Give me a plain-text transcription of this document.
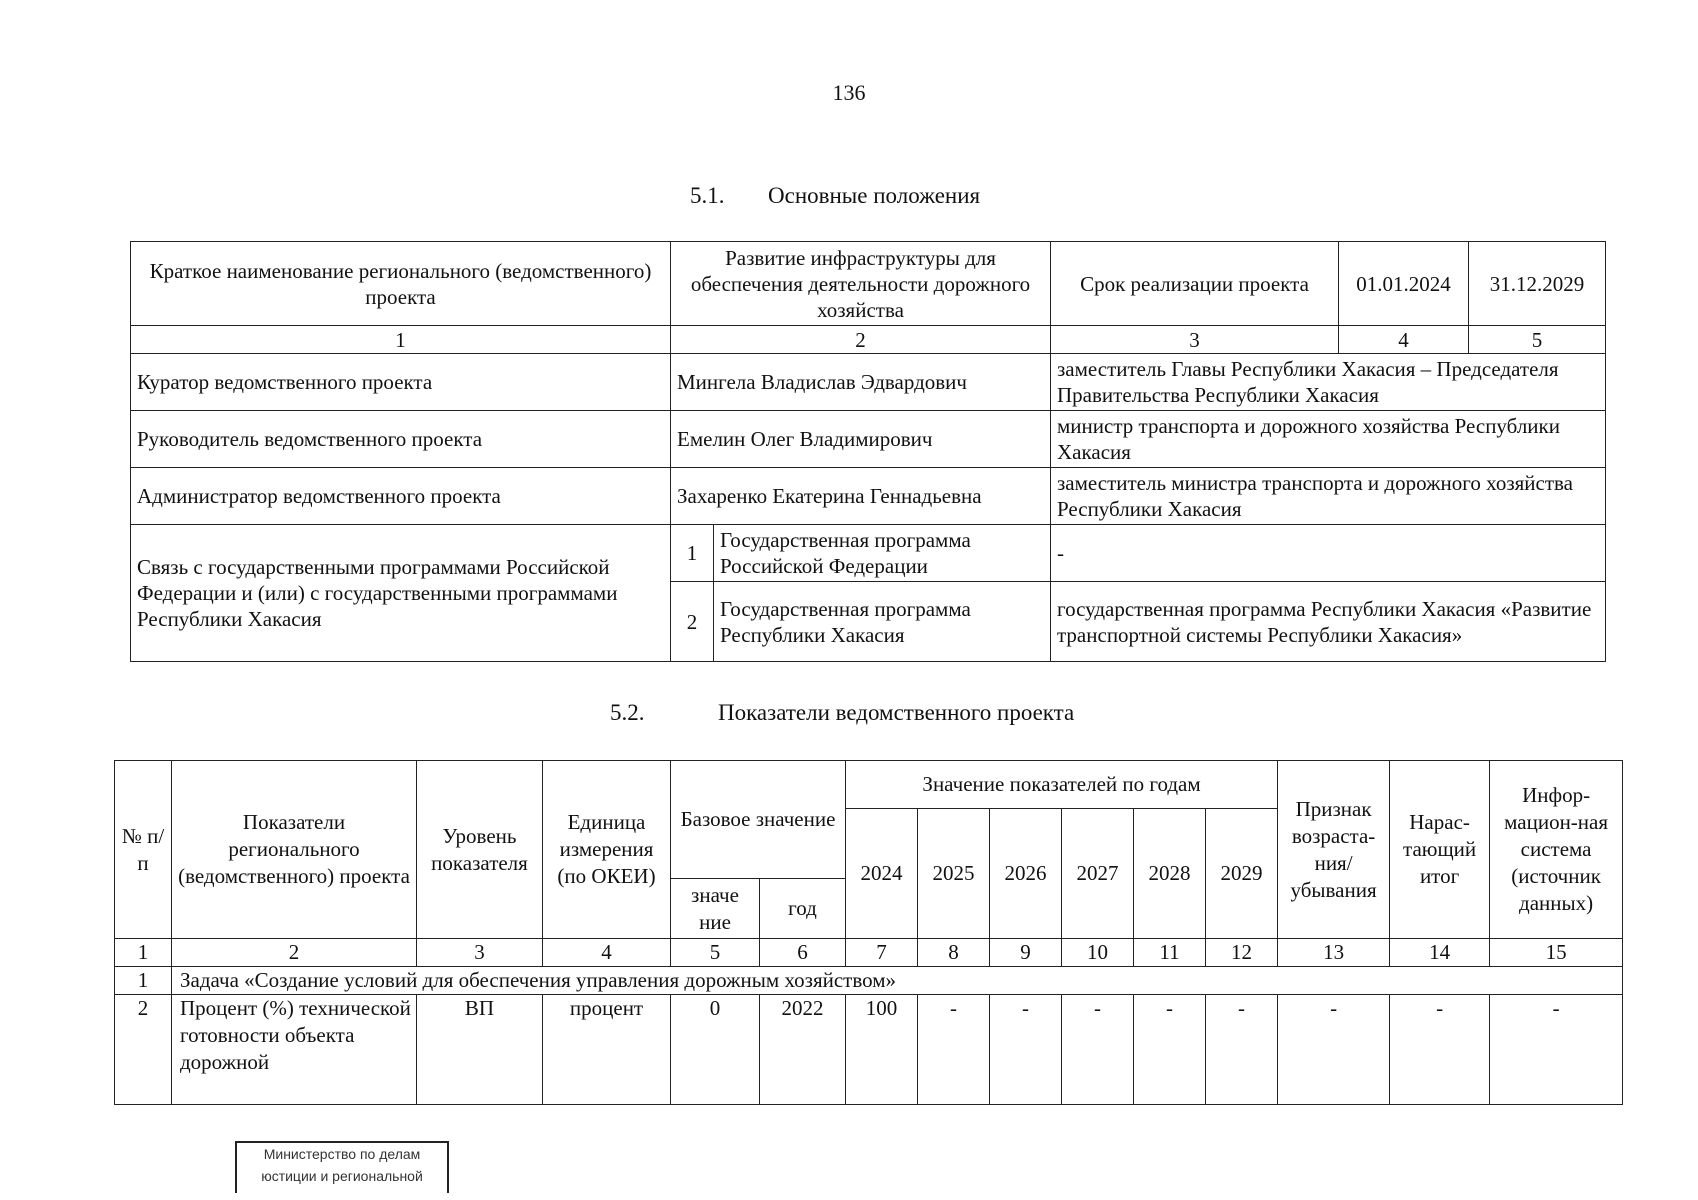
136
5.1. Основные положения
Краткое наименование регионального (ведомственного) проекта	Развитие инфраструктуры для обеспечения деятельности дорожного хозяйства		Срок реализации проекта	01.01.2024	31.12.2029
1	2		3	4	5
Куратор ведомственного проекта	Мингела Владислав Эдвардович		заместитель Главы Республики Хакасия – Председателя Правительства Республики Хакасия		
Руководитель ведомственного проекта	Емелин Олег Владимирович		министр транспорта и дорожного хозяйства Республики Хакасия		
Администратор ведомственного проекта	Захаренко Екатерина Геннадьевна		заместитель министра транспорта и дорожного хозяйства Республики Хакасия		
Связь с государственными программами Российской Федерации и (или) с государственными программами Республики Хакасия	1	Государственная программа Российской Федерации	-		
	2	Государственная программа Республики Хакасия	государственная программа Республики Хакасия «Развитие транспортной системы Республики Хакасия»		
5.2.	Показатели ведомственного проекта
№ п/п	Показатели регионального (ведомственного) проекта	Уровень показателя	Единица измерения (по ОКЕИ)	Базовое значение		Значение показателей по годам						Признак возраста-ния/ убывания	Нарас-тающий итог	Инфор-мацион-ная система (источник данных)
						2024	2025	2026	2027	2028	2029			
				значе ние	год									
1	2	3	4	5	6	7	8	9	10	11	12	13	14	15
1	Задача «Создание условий для обеспечения управления дорожным хозяйством»													
2	Процент (%) технической готовности объекта дорожной	ВП	процент	0	2022	100	-	-	-	-	-	-	-	-
Министерство по делам
юстиции и региональной
